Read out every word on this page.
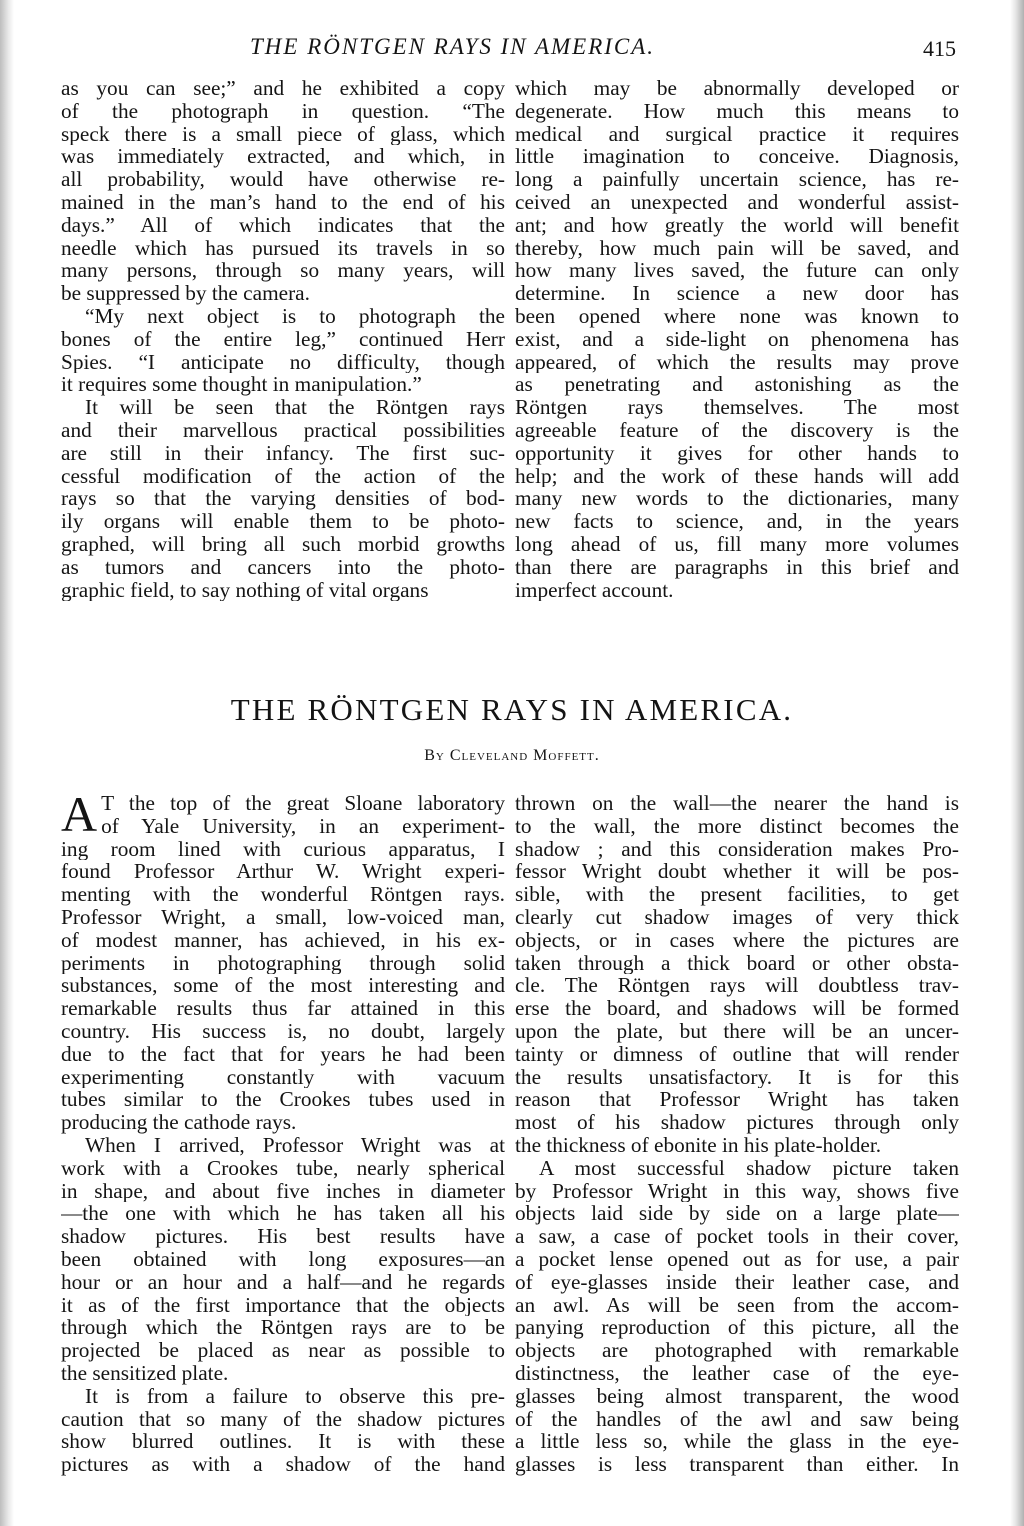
THE RÖNTGEN RAYS IN AMERICA.	415
as you can see;” and he exhibited a copy
of the photograph in question. “The
speck there is a small piece of glass, which
was immediately extracted, and which, in
all probability, would have otherwise re-
mained in the man’s hand to the end of his
days.” All of which indicates that the
needle which has pursued its travels in so
many persons, through so many years, will
be suppressed by the camera.
“My next object is to photograph the
bones of the entire leg,” continued Herr
Spies. “I anticipate no difficulty, though
it requires some thought in manipulation.”
It will be seen that the Röntgen rays
and their marvellous practical possibilities
are still in their infancy. The first suc-
cessful modification of the action of the
rays so that the varying densities of bod-
ily organs will enable them to be photo-
graphed, will bring all such morbid growths
as tumors and cancers into the photo-
graphic field, to say nothing of vital organs
which may be abnormally developed or
degenerate. How much this means to
medical and surgical practice it requires
little imagination to conceive. Diagnosis,
long a painfully uncertain science, has re-
ceived an unexpected and wonderful assist-
ant; and how greatly the world will benefit
thereby, how much pain will be saved, and
how many lives saved, the future can only
determine. In science a new door has
been opened where none was known to
exist, and a side-light on phenomena has
appeared, of which the results may prove
as penetrating and astonishing as the
Röntgen rays themselves. The most
agreeable feature of the discovery is the
opportunity it gives for other hands to
help; and the work of these hands will add
many new words to the dictionaries, many
new facts to science, and, in the years
long ahead of us, fill many more volumes
than there are paragraphs in this brief and
imperfect account.
THE RÖNTGEN RAYS IN AMERICA.
By Cleveland Moffett.
A T the top of the great Sloane laboratory
of Yale University, in an experiment-
ing room lined with curious apparatus, I
found Professor Arthur W. Wright experi-
menting with the wonderful Röntgen rays.
Professor Wright, a small, low-voiced man,
of modest manner, has achieved, in his ex-
periments in photographing through solid
substances, some of the most interesting and
remarkable results thus far attained in this
country. His success is, no doubt, largely
due to the fact that for years he had been
experimenting constantly with vacuum
tubes similar to the Crookes tubes used in
producing the cathode rays.
When I arrived, Professor Wright was at
work with a Crookes tube, nearly spherical
in shape, and about five inches in diameter
—the one with which he has taken all his
shadow pictures. His best results have
been obtained with long exposures—an
hour or an hour and a half—and he regards
it as of the first importance that the objects
through which the Röntgen rays are to be
projected be placed as near as possible to
the sensitized plate.
It is from a failure to observe this pre-
caution that so many of the shadow pictures
show blurred outlines. It is with these
pictures as with a shadow of the hand
thrown on the wall—the nearer the hand is
to the wall, the more distinct becomes the
shadow ; and this consideration makes Pro-
fessor Wright doubt whether it will be pos-
sible, with the present facilities, to get
clearly cut shadow images of very thick
objects, or in cases where the pictures are
taken through a thick board or other obsta-
cle. The Röntgen rays will doubtless trav-
erse the board, and shadows will be formed
upon the plate, but there will be an uncer-
tainty or dimness of outline that will render
the results unsatisfactory. It is for this
reason that Professor Wright has taken
most of his shadow pictures through only
the thickness of ebonite in his plate-holder.
A most successful shadow picture taken
by Professor Wright in this way, shows five
objects laid side by side on a large plate—
a saw, a case of pocket tools in their cover,
a pocket lense opened out as for use, a pair
of eye-glasses inside their leather case, and
an awl. As will be seen from the accom-
panying reproduction of this picture, all the
objects are photographed with remarkable
distinctness, the leather case of the eye-
glasses being almost transparent, the wood
of the handles of the awl and saw being
a little less so, while the glass in the eye-
glasses is less transparent than either. In
